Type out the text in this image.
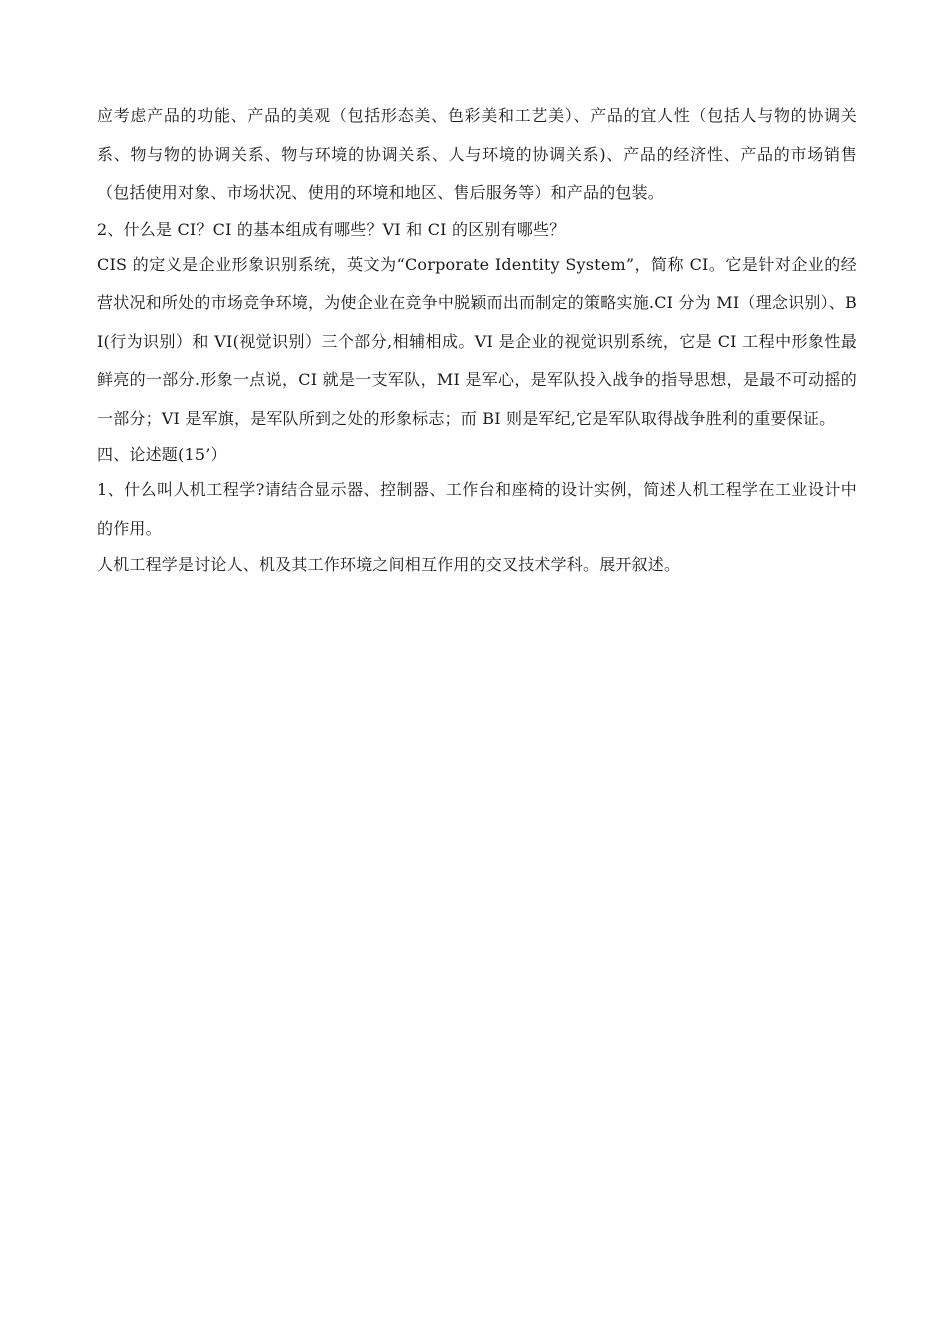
应考虑产品的功能、产品的美观（包括形态美、色彩美和工艺美）、产品的宜人性（包括人与物的协调关系、物与物的协调关系、物与环境的协调关系、人与环境的协调关系)、产品的经济性、产品的市场销售（包括使用对象、市场状况、使用的环境和地区、售后服务等）和产品的包装。

2、什么是 CI？CI 的基本组成有哪些？VI 和 CI 的区别有哪些？

CIS 的定义是企业形象识别系统，英文为“Corporate Identity System”，简称 CI。它是针对企业的经营状况和所处的市场竞争环境，为使企业在竞争中脱颖而出而制定的策略实施.CI 分为 MI（理念识别）、BI(行为识别）和 VI(视觉识别）三个部分,相辅相成。VI 是企业的视觉识别系统，它是 CI 工程中形象性最鲜亮的一部分.形象一点说，CI 就是一支军队，MI 是军心，是军队投入战争的指导思想，是最不可动摇的一部分；VI 是军旗，是军队所到之处的形象标志；而 BI 则是军纪,它是军队取得战争胜利的重要保证。

四、论述题(15’）

1、什么叫人机工程学?请结合显示器、控制器、工作台和座椅的设计实例，简述人机工程学在工业设计中的作用。

人机工程学是讨论人、机及其工作环境之间相互作用的交叉技术学科。展开叙述。
